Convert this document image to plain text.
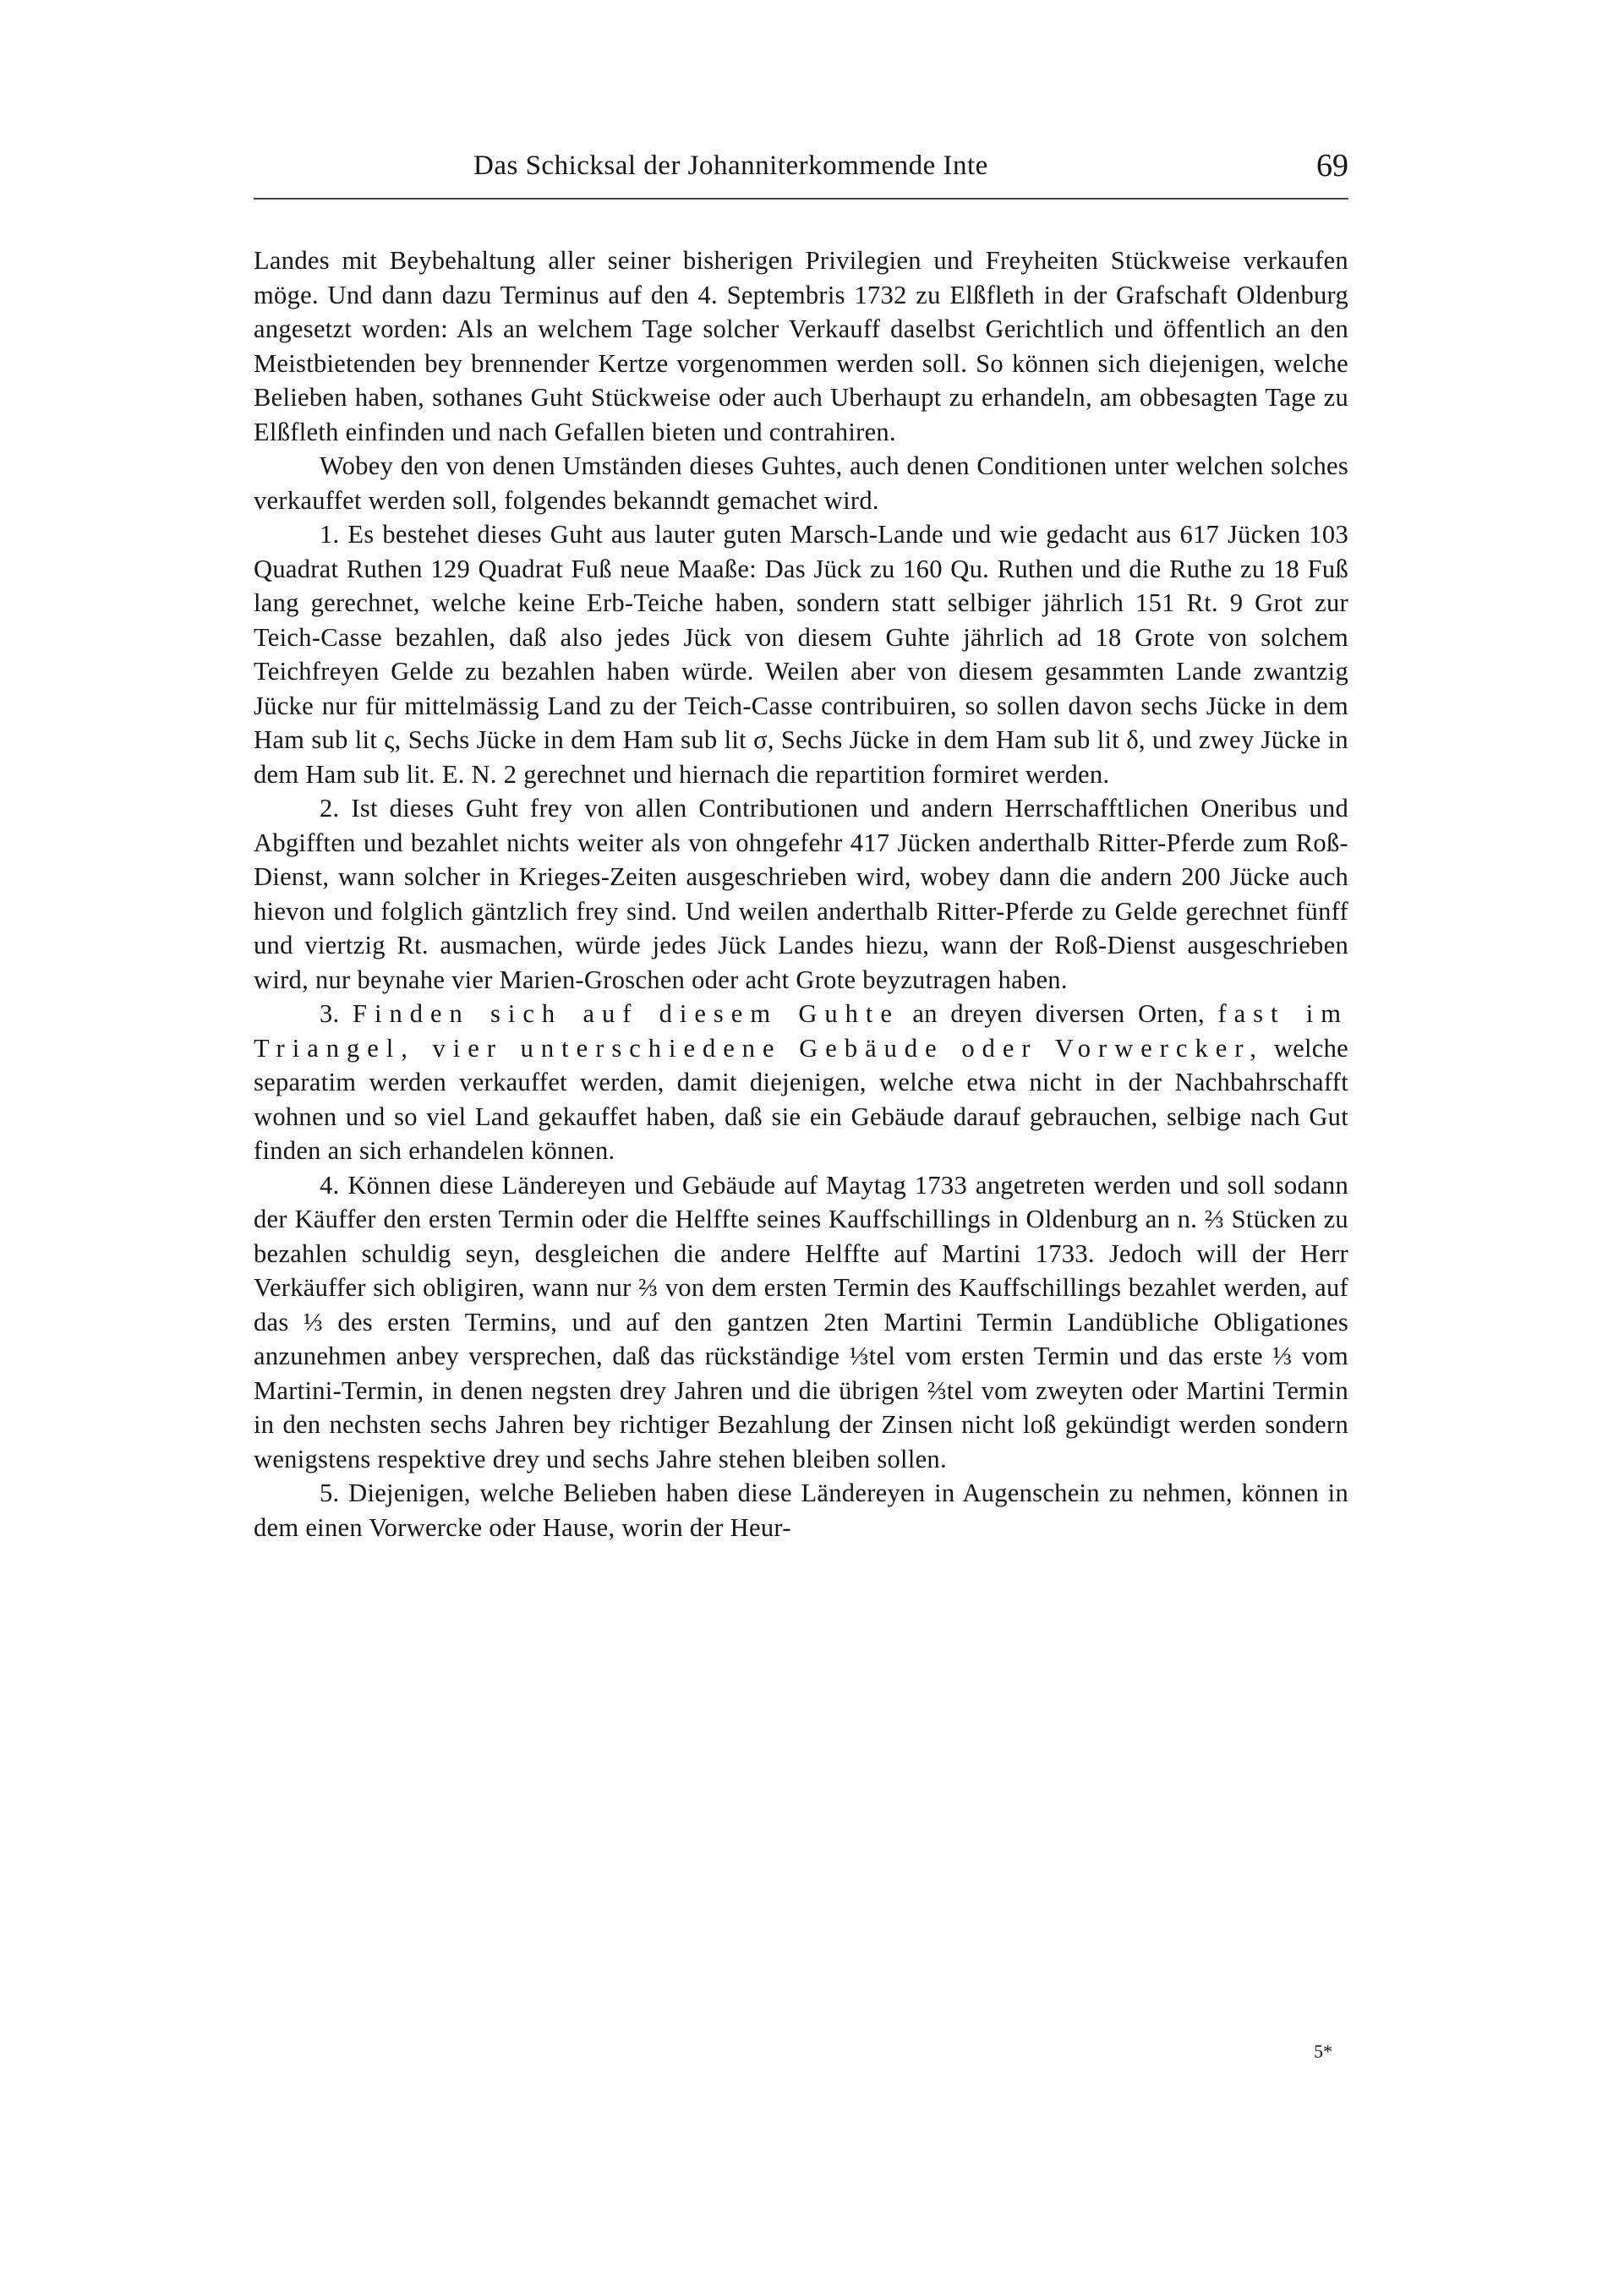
Das Schicksal der Johanniterkommende Inte	69

Landes mit Beybehaltung aller seiner bisherigen Privilegien und Freyheiten Stückweise verkaufen möge. Und dann dazu Terminus auf den 4. Septembris 1732 zu Elßfleth in der Grafschaft Oldenburg angesetzt worden: Als an welchem Tage solcher Verkauff daselbst Gerichtlich und öffentlich an den Meistbietenden bey brennender Kertze vorgenommen werden soll. So können sich diejenigen, welche Belieben haben, sothanes Guht Stückweise oder auch Uberhaupt zu erhandeln, am obbesagten Tage zu Elßfleth einfinden und nach Gefallen bieten und contrahiren.

Wobey den von denen Umständen dieses Guhtes, auch denen Conditionen unter welchen solches verkauffet werden soll, folgendes bekanndt gemachet wird.

1. Es bestehet dieses Guht aus lauter guten Marsch-Lande und wie gedacht aus 617 Jücken 103 Quadrat Ruthen 129 Quadrat Fuß neue Maaße: Das Jück zu 160 Qu. Ruthen und die Ruthe zu 18 Fuß lang gerechnet, welche keine Erb-Teiche haben, sondern statt selbiger jährlich 151 Rt. 9 Grot zur Teich-Casse bezahlen, daß also jedes Jück von diesem Guhte jährlich ad 18 Grote von solchem Teichfreyen Gelde zu bezahlen haben würde. Weilen aber von diesem gesammten Lande zwantzig Jücke nur für mittelmässig Land zu der Teich-Casse contribuiren, so sollen davon sechs Jücke in dem Ham sub lit ς, Sechs Jücke in dem Ham sub lit σ, Sechs Jücke in dem Ham sub lit δ, und zwey Jücke in dem Ham sub lit. E. N. 2 gerechnet und hiernach die repartition formiret werden.

2. Ist dieses Guht frey von allen Contributionen und andern Herrschafftlichen Oneribus und Abgifften und bezahlet nichts weiter als von ohngefehr 417 Jücken anderthalb Ritter-Pferde zum Roß-Dienst, wann solcher in Krieges-Zeiten ausgeschrieben wird, wobey dann die andern 200 Jücke auch hievon und folglich gäntzlich frey sind. Und weilen anderthalb Ritter-Pferde zu Gelde gerechnet fünff und viertzig Rt. ausmachen, würde jedes Jück Landes hiezu, wann der Roß-Dienst ausgeschrieben wird, nur beynahe vier Marien-Groschen oder acht Grote beyzutragen haben.

3. Finden sich auf diesem Guhte an dreyen diversen Orten, fast im Triangel, vier unterschiedene Gebäude oder Vorwercker, welche separatim werden verkauffet werden, damit diejenigen, welche etwa nicht in der Nachbahrschafft wohnen und so viel Land gekauffet haben, daß sie ein Gebäude darauf gebrauchen, selbige nach Gut finden an sich erhandelen können.

4. Können diese Ländereyen und Gebäude auf Maytag 1733 angetreten werden und soll sodann der Käuffer den ersten Termin oder die Helffte seines Kauffschillings in Oldenburg an n. ⅔ Stücken zu bezahlen schuldig seyn, desgleichen die andere Helffte auf Martini 1733. Jedoch will der Herr Verkäuffer sich obligiren, wann nur ⅔ von dem ersten Termin des Kauffschillings bezahlet werden, auf das ⅓ des ersten Termins, und auf den gantzen 2ten Martini Termin Landübliche Obligationes anzunehmen anbey versprechen, daß das rückständige ⅓tel vom ersten Termin und das erste ⅓ vom Martini-Termin, in denen negsten drey Jahren und die übrigen ⅔tel vom zweyten oder Martini Termin in den nechsten sechs Jahren bey richtiger Bezahlung der Zinsen nicht loß gekündigt werden sondern wenigstens respektive drey und sechs Jahre stehen bleiben sollen.

5. Diejenigen, welche Belieben haben diese Ländereyen in Augenschein zu nehmen, können in dem einen Vorwercke oder Hause, worin der Heur-

5*
